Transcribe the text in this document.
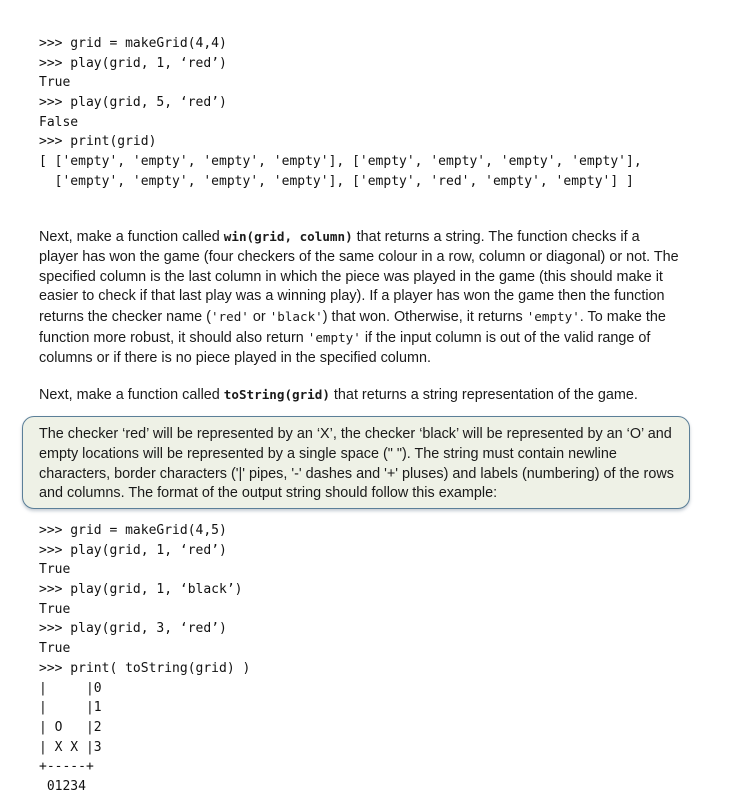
>>> grid = makeGrid(4,4)
>>> play(grid, 1, ‘red’)
True
>>> play(grid, 5, ‘red’)
False
>>> print(grid)
[ ['empty', 'empty', 'empty', 'empty'], ['empty', 'empty', 'empty', 'empty'],
['empty', 'empty', 'empty', 'empty'], ['empty', 'red', 'empty', 'empty'] ]

Next, make a function called win(grid, column) that returns a string. The function checks if a player has won the game (four checkers of the same colour in a row, column or diagonal) or not. The specified column is the last column in which the piece was played in the game (this should make it easier to check if that last play was a winning play). If a player has won the game then the function returns the checker name ('red' or 'black') that won. Otherwise, it returns 'empty'. To make the function more robust, it should also return 'empty' if the input column is out of the valid range of columns or if there is no piece played in the specified column.

Next, make a function called toString(grid) that returns a string representation of the game.

The checker ‘red’ will be represented by an ‘X’, the checker ‘black’ will be represented by an ‘O’ and empty locations will be represented by a single space (" "). The string must contain newline characters, border characters ('|' pipes, '-' dashes and '+' pluses) and labels (numbering) of the rows and columns. The format of the output string should follow this example:

>>> grid = makeGrid(4,5)
>>> play(grid, 1, ‘red’)
True
>>> play(grid, 1, ‘black’)
True
>>> play(grid, 3, ‘red’)
True
>>> print( toString(grid) )
|     |0
|     |1
| O   |2
| X X |3
+-----+
01234
